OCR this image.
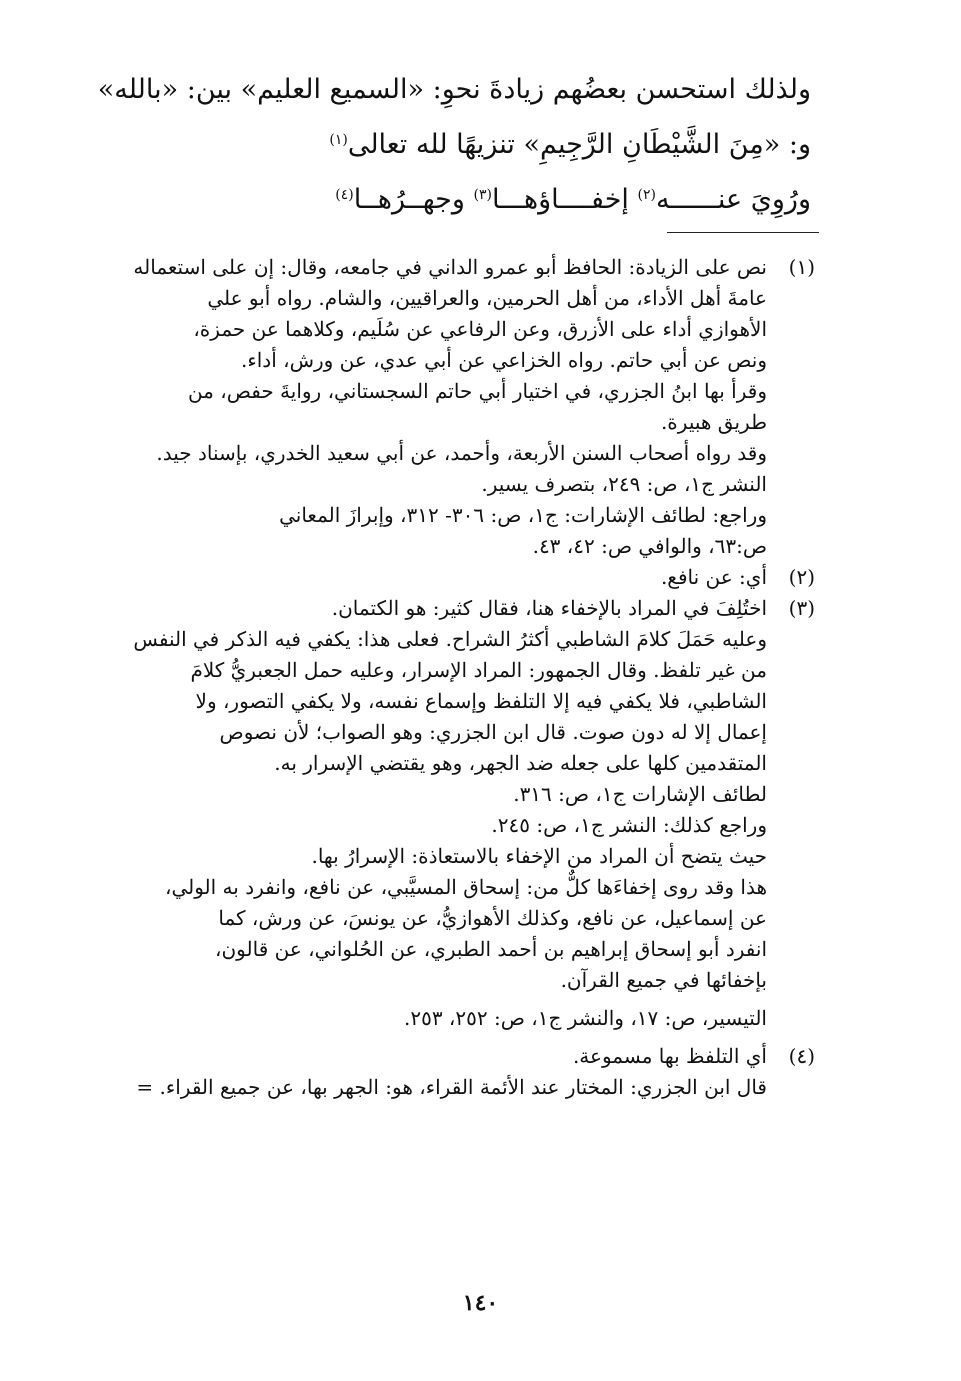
ولذلك استحسن بعضُهم زيادةَ نحوِ: «السميع العليم» بين: «بالله»

و: «مِنَ الشَّيْطَانِ الرَّجِيمِ» تنزيهًا لله تعالى$^{(١)}$

ورُوِيَ عنــــــه$^{(٢)}$ إخفــــاؤهـــا$^{(٣)}$ وجهــرُهــا$^{(٤)}$

(١)

نص على الزيادة: الحافظ أبو عمرو الداني في جامعه، وقال: إن على استعماله

عامةَ أهل الأداء، من أهل الحرمين، والعراقيين، والشام. رواه أبو علي

الأهوازي أداء على الأزرق، وعن الرفاعي عن سُلَيم، وكلاهما عن حمزة،

ونص عن أبي حاتم. رواه الخزاعي عن أبي عدي، عن ورش، أداء.

وقرأ بها ابنُ الجزري، في اختيار أبي حاتم السجستاني، روايةَ حفص، من

طريق هبيرة.

وقد رواه أصحاب السنن الأربعة، وأحمد، عن أبي سعيد الخدري، بإسناد جيد.

النشر ج١، ص: ٢٤٩، بتصرف يسير.

وراجع: لطائف الإشارات: ج١، ص: ٣٠٦- ٣١٢، وإبرازَ المعاني

ص:٦٣، والوافي ص: ٤٢، ٤٣.

(٢)

أي: عن نافع.

(٣)

اختُلِفَ في المراد بالإخفاء هنا، فقال كثير: هو الكتمان.

وعليه حَمَلَ كلامَ الشاطبي أكثرُ الشراح. فعلى هذا: يكفي فيه الذكر في النفس

من غير تلفظ. وقال الجمهور: المراد الإسرار، وعليه حمل الجعبريُّ كلامَ

الشاطبي، فلا يكفي فيه إلا التلفظ وإسماع نفسه، ولا يكفي التصور، ولا

إعمال إلا له دون صوت. قال ابن الجزري: وهو الصواب؛ لأن نصوص

المتقدمين كلها على جعله ضد الجهر، وهو يقتضي الإسرار به.

لطائف الإشارات ج١، ص: ٣١٦.

وراجع كذلك: النشر ج١، ص: ٢٤٥.

حيث يتضح أن المراد من الإخفاء بالاستعاذة: الإسرارُ بها.

هذا وقد روى إخفاءَها كلٌّ من: إسحاق المسيَّبي، عن نافع، وانفرد به الولي،

عن إسماعيل، عن نافع، وكذلك الأهوازيُّ، عن يونسَ، عن ورش، كما

انفرد أبو إسحاق إبراهيم بن أحمد الطبري، عن الحُلواني، عن قالون،

بإخفائها في جميع القرآن.

التيسير، ص: ١٧، والنشر ج١، ص: ٢٥٢، ٢٥٣.

(٤)

أي التلفظ بها مسموعة.

قال ابن الجزري: المختار عند الأئمة القراء، هو: الجهر بها، عن جميع القراء. =

١٤٠
